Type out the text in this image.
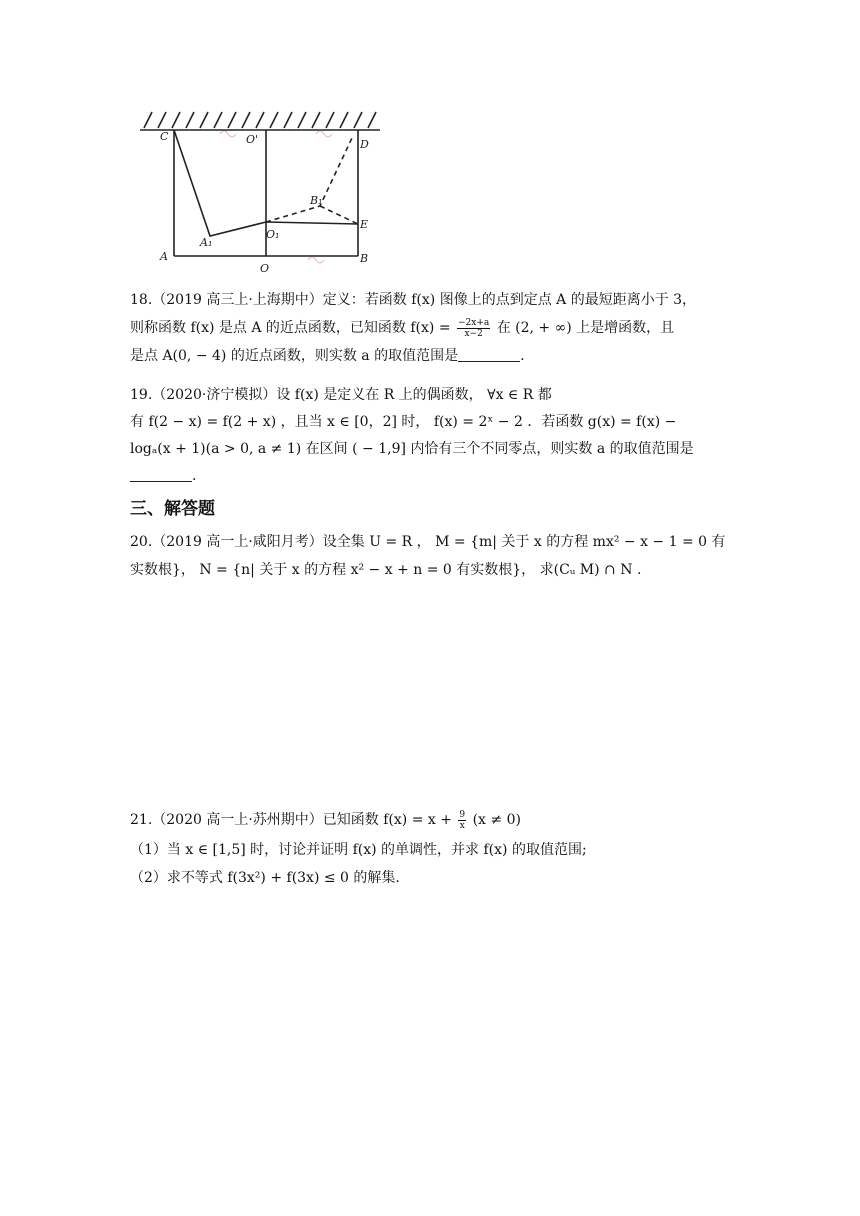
C	O'	D
A₁
O₁
B₁
E
A
O
B
18.（2019 高三上·上海期中）定义：若函数 f(x) 图像上的点到定点 A 的最短距离小于 3，
则称函数 f(x) 是点 A 的近点函数，已知函数 $f(x) = \frac{-2x+a}{x-2}$ 在 (2, + ∞) 上是增函数，且
是点 A(0, − 4) 的近点函数，则实数 a 的取值范围是	.
19.（2020·济宁模拟）设 f(x) 是定义在 R 上的偶函数， ∀x ∈ R 都
有 f(2 − x) = f(2 + x) ，且当 x ∈ [0，2] 时， f(x) = 2ˣ − 2 ．若函数 g(x) = f(x) −
logₐ(x + 1)(a > 0, a ≠ 1) 在区间 ( − 1,9] 内恰有三个不同零点，则实数 a 的取值范围是
.
三、解答题
20.（2019 高一上·咸阳月考）设全集 U = R ， M = {m| 关于 x 的方程 mx² − x − 1 = 0 有
实数根}， N = {n| 关于 x 的方程 x² − x + n = 0 有实数根}， 求(Cᵤ M) ∩ N .
21.（2020 高一上·苏州期中）已知函数 $f(x) = x + \frac{9}{x} (x \ne 0)$
（1）当 x ∈ [1,5] 时，讨论并证明 f(x) 的单调性，并求 f(x) 的取值范围;
（2）求不等式 f(3x²) + f(3x) ≤ 0 的解集.
